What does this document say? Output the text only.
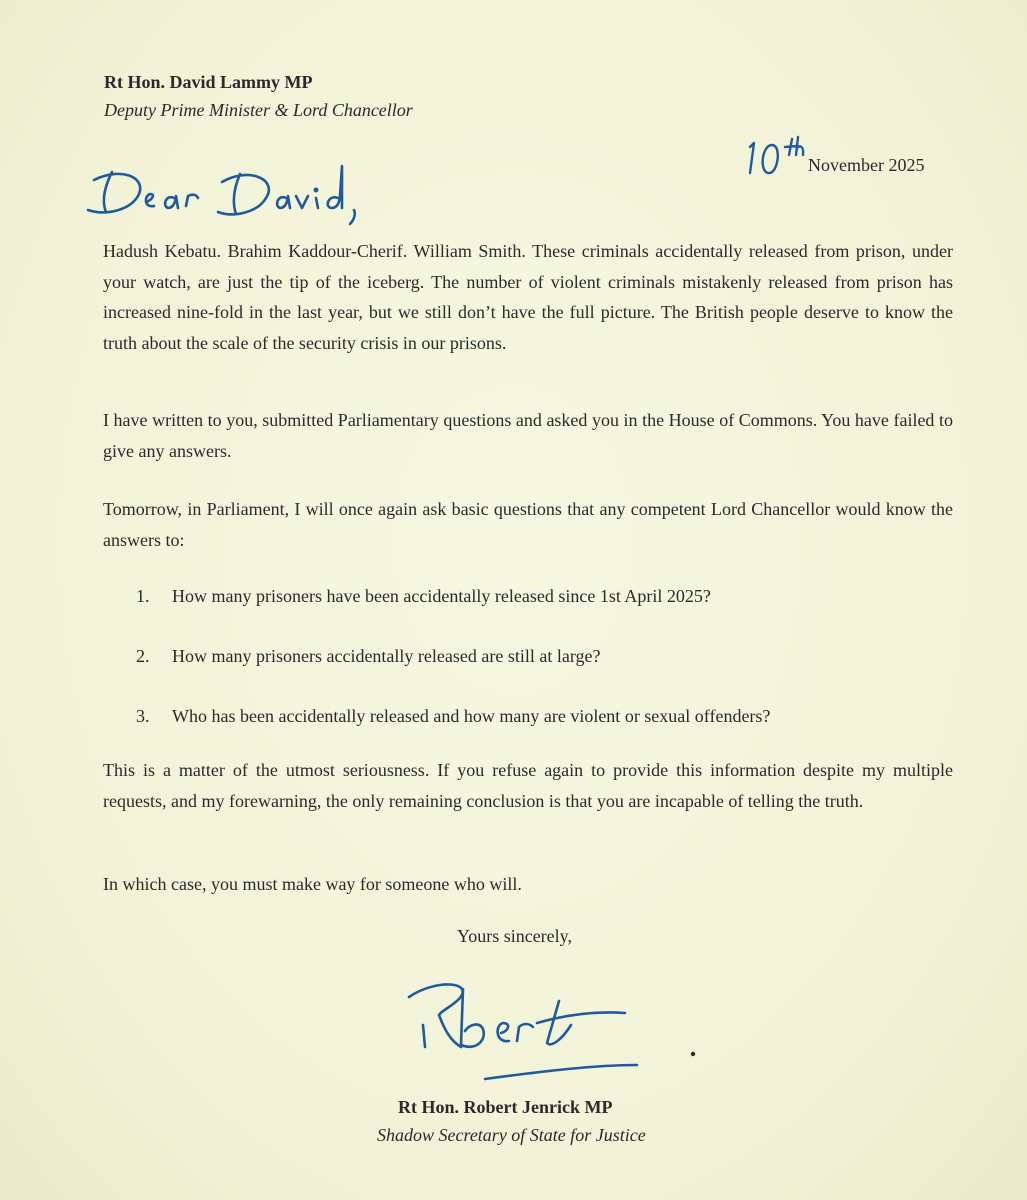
Rt Hon. David Lammy MP
Deputy Prime Minister & Lord Chancellor
November 2025
Hadush Kebatu. Brahim Kaddour-Cherif. William Smith. These criminals accidentally released from prison, under your watch, are just the tip of the iceberg. The number of violent criminals mistakenly released from prison has increased nine-fold in the last year, but we still don’t have the full picture. The British people deserve to know the truth about the scale of the security crisis in our prisons.
I have written to you, submitted Parliamentary questions and asked you in the House of Commons. You have failed to give any answers.
Tomorrow, in Parliament, I will once again ask basic questions that any competent Lord Chancellor would know the answers to:
1. How many prisoners have been accidentally released since 1st April 2025?
2. How many prisoners accidentally released are still at large?
3. Who has been accidentally released and how many are violent or sexual offenders?
This is a matter of the utmost seriousness. If you refuse again to provide this information despite my multiple requests, and my forewarning, the only remaining conclusion is that you are incapable of telling the truth.
In which case, you must make way for someone who will.
Yours sincerely,
Rt Hon. Robert Jenrick MP
Shadow Secretary of State for Justice
